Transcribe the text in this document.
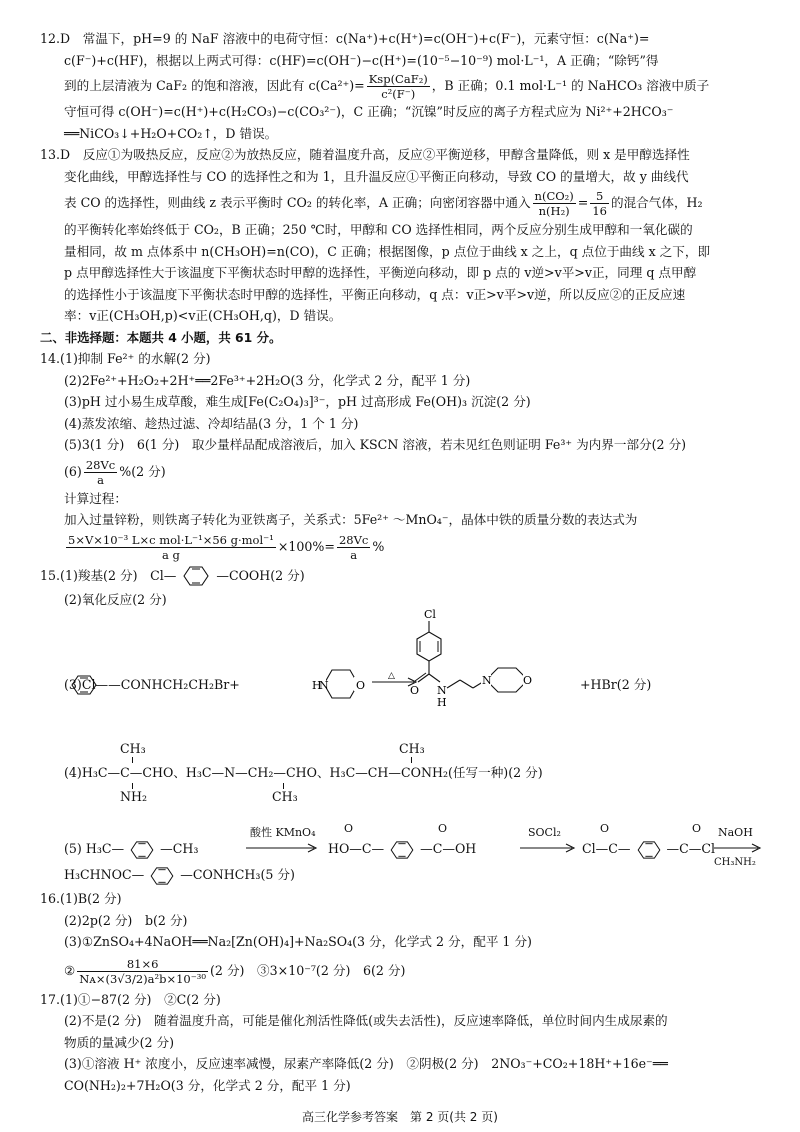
12.D　常温下，pH=9 的 NaF 溶液中的电荷守恒：c(Na⁺)+c(H⁺)=c(OH⁻)+c(F⁻)，元素守恒：c(Na⁺)=

c(F⁻)+c(HF)，根据以上两式可得：c(HF)=c(OH⁻)−c(H⁺)=(10⁻⁵−10⁻⁹) mol·L⁻¹，A 正确；“除钙”得

到的上层清液为 CaF₂ 的饱和溶液，因此有 $c(Ca^{2+})= \frac{\text{Ksp(CaF₂)}}{\text{c²(F⁻)}}$ ，B 正确；0.1 mol·L⁻¹ 的 NaHCO₃ 溶液中质子

守恒可得 c(OH⁻)=c(H⁺)+c(H₂CO₃)−c(CO₃²⁻)，C 正确；“沉镍”时反应的离子方程式应为 Ni²⁺+2HCO₃⁻

══NiCO₃↓+H₂O+CO₂↑，D 错误。

13.D　反应①为吸热反应，反应②为放热反应，随着温度升高，反应②平衡逆移，甲醇含量降低，则 x 是甲醇选择性

变化曲线，甲醇选择性与 CO 的选择性之和为 1，且升温反应①平衡正向移动，导致 CO 的量增大，故 y 曲线代

表 CO 的选择性，则曲线 z 表示平衡时 CO₂ 的转化率，A 正确；向密闭容器中通入 $\frac{\text{n(CO₂)}}{\text{n(H₂)}} = \frac{5}{16}$ 的混合气体，H₂

的平衡转化率始终低于 CO₂，B 正确；250 ℃时，甲醇和 CO 选择性相同，两个反应分别生成甲醇和一氧化碳的

量相同，故 m 点体系中 n(CH₃OH)=n(CO)，C 正确；根据图像，p 点位于曲线 x 之上，q 点位于曲线 x 之下，即

p 点甲醇选择性大于该温度下平衡状态时甲醇的选择性，平衡逆向移动，即 p 点的 v逆>v平>v正，同理 q 点甲醇

的选择性小于该温度下平衡状态时甲醇的选择性，平衡正向移动，q 点：v正>v平>v逆，所以反应②的正反应速

率：v正(CH₃OH,p)<v正(CH₃OH,q)，D 错误。

二、非选择题：本题共 4 小题，共 61 分。

14.(1)抑制 Fe²⁺ 的水解(2 分)

(2)2Fe²⁺+H₂O₂+2H⁺══2Fe³⁺+2H₂O(3 分，化学式 2 分，配平 1 分)

(3)pH 过小易生成草酸，难生成[Fe(C₂O₄)₃]³⁻，pH 过高形成 Fe(OH)₃ 沉淀(2 分)

(4)蒸发浓缩、趁热过滤、冷却结晶(3 分，1 个 1 分)

(5)3(1 分)　6(1 分)　取少量样品配成溶液后，加入 KSCN 溶液，若未见红色则证明 Fe³⁺ 为内界一部分(2 分)

$(6) \frac{28Vc}{a} \%(2$ 分)

计算过程：

加入过量锌粉，则铁离子转化为亚铁离子，关系式：5Fe²⁺ ～MnO₄⁻，晶体中铁的质量分数的表达式为

$\frac{\text{5×V×10⁻³ L×c mol·L⁻¹×56 g·mol⁻¹}}{\text{a g}} \times 100\%= \frac{28Vc}{a}$ %

15.(1)羧基(2 分)　Cl—	—COOH(2 分)

(2)氧化反应(2 分)

(3)Cl—
—CONHCH₂CH₂Br+	H
N O
△
Cl
O N
H
N	O	+HBr(2 分)
CH₃	CH₃
(4)H₃C—C—CHO、H₃C—N—CH₂—CHO、H₃C—CH—CONH₂(任写一种)(2 分)
NH₂	CH₃
(5) H₃C—	—CH₃
酸性 KMnO₄	O	O
HO—C—	—C—OH
SOCl₂	O	O
Cl—C—	—C—Cl
NaOH
CH₃NH₂

H₃CHNOC—	—CONHCH₃(5 分)

16.(1)B(2 分)

(2)2p(2 分)　b(2 分)

(3)①ZnSO₄+4NaOH══Na₂[Zn(OH)₄]+Na₂SO₄(3 分，化学式 2 分，配平 1 分)

② $\frac{81\times 6}{\text{Nᴀ×(3√3/2)a²b×10⁻³⁰}} (2$ 分)　③3×10⁻⁷(2 分)　6(2 分)

17.(1)①−87(2 分)　②C(2 分)

(2)不是(2 分)　随着温度升高，可能是催化剂活性降低(或失去活性)，反应速率降低，单位时间内生成尿素的

物质的量减少(2 分)

(3)①溶液 H⁺ 浓度小，反应速率减慢，尿素产率降低(2 分)　②阴极(2 分)　2NO₃⁻+CO₂+18H⁺+16e⁻══

CO(NH₂)₂+7H₂O(3 分，化学式 2 分，配平 1 分)

高三化学参考答案　第 2 页(共 2 页)
